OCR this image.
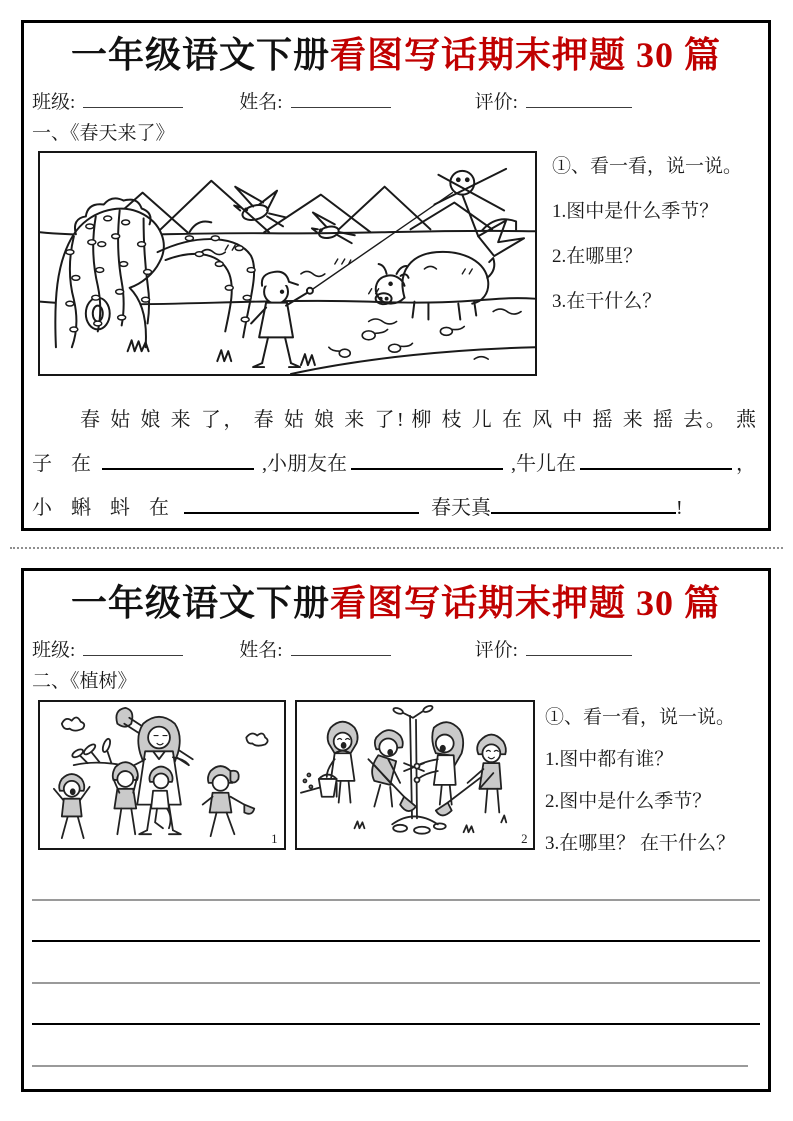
一年级语文下册看图写话期末押题 30 篇
班级:	姓名:	评价:
一、《春天来了》
①、看一看，说一说。
1.图中是什么季节？
2.在哪里？
3.在干什么？
春 姑 娘 来 了， 春 姑 娘 来 了! 柳 枝 儿 在 风 中 摇 来 摇 去。 燕
子 在	,小朋友在	,牛儿在	，
小 蝌 蚪 在	春天真	!
一年级语文下册看图写话期末押题 30 篇
班级:	姓名:	评价:
二、《植树》
1	2
①、看一看，说一说。
1.图中都有谁？
2.图中是什么季节？
3.在哪里？ 在干什么？
